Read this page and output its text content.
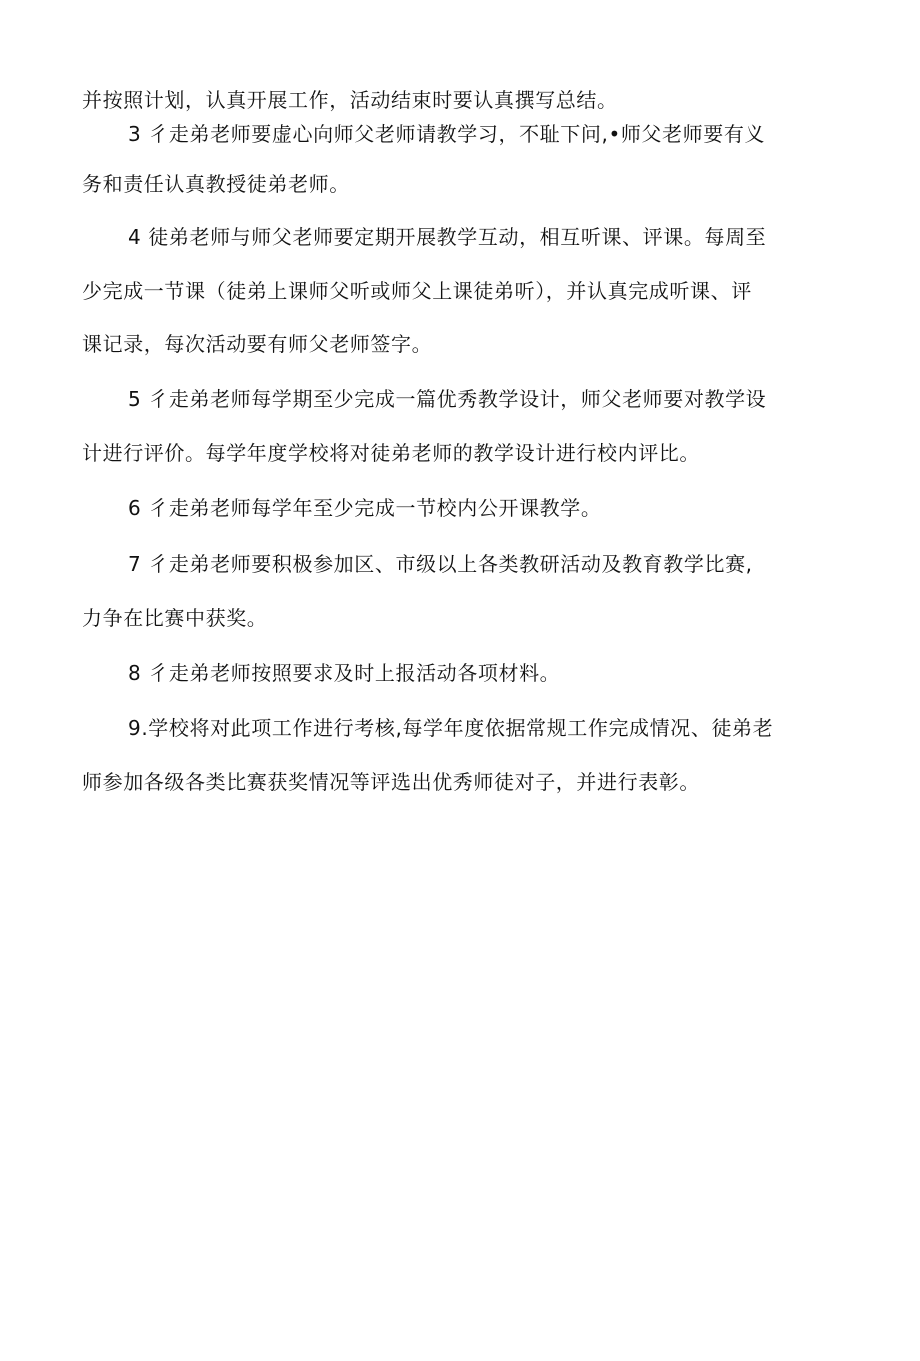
并按照计划，认真开展工作，活动结束时要认真撰写总结。
3 彳走弟老师要虚心向师父老师请教学习，不耻下问,•师父老师要有义
务和责任认真教授徒弟老师。
4 徒弟老师与师父老师要定期开展教学互动，相互听课、评课。每周至
少完成一节课（徒弟上课师父听或师父上课徒弟听），并认真完成听课、评
课记录，每次活动要有师父老师签字。
5 彳走弟老师每学期至少完成一篇优秀教学设计，师父老师要对教学设
计进行评价。每学年度学校将对徒弟老师的教学设计进行校内评比。
6 彳走弟老师每学年至少完成一节校内公开课教学。
7 彳走弟老师要积极参加区、市级以上各类教研活动及教育教学比赛,
力争在比赛中获奖。
8 彳走弟老师按照要求及时上报活动各项材料。
9.学校将对此项工作进行考核,每学年度依据常规工作完成情况、徒弟老
师参加各级各类比赛获奖情况等评选出优秀师徒对子，并进行表彰。
